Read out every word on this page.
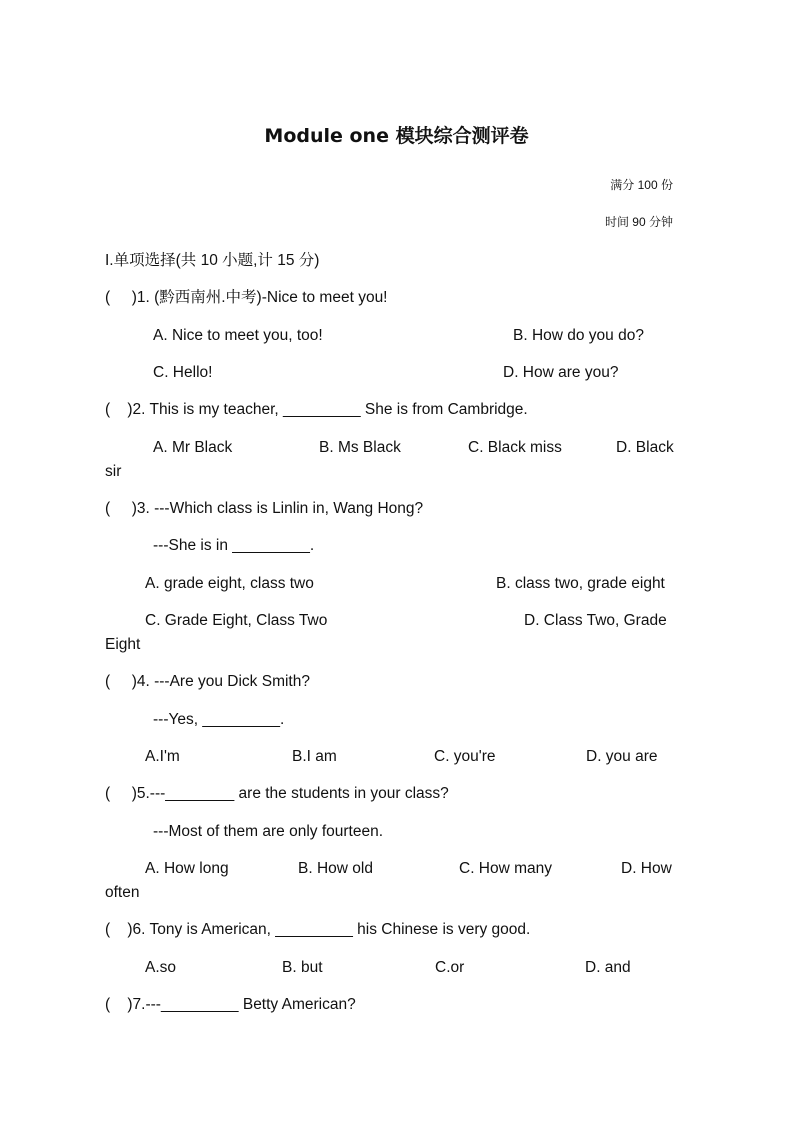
Module one 模块综合测评卷
满分 100 份
时间 90 分钟
I.单项选择(共 10 小题,计 15 分)
(     )1. (黔西南州.中考)-Nice to meet you!
A. Nice to meet you, too!	B. How do you do?
C. Hello!	D. How are you?
(    )2. This is my teacher, _________ She is from Cambridge.
A. Mr Black	B. Ms Black	C. Black miss	D. Black
sir
(     )3. ---Which class is Linlin in, Wang Hong?
---She is in _________.
A. grade eight, class two	B. class two, grade eight
C. Grade Eight, Class Two	D. Class Two, Grade
Eight
(     )4. ---Are you Dick Smith?
---Yes, _________.
A.I'm	B.I am	C. you're	D. you are
(     )5.---________ are the students in your class?
---Most of them are only fourteen.
A. How long	B. How old	C. How many	D. How
often
(    )6. Tony is American, _________ his Chinese is very good.
A.so	B. but	C.or	D. and
(    )7.---_________ Betty American?
